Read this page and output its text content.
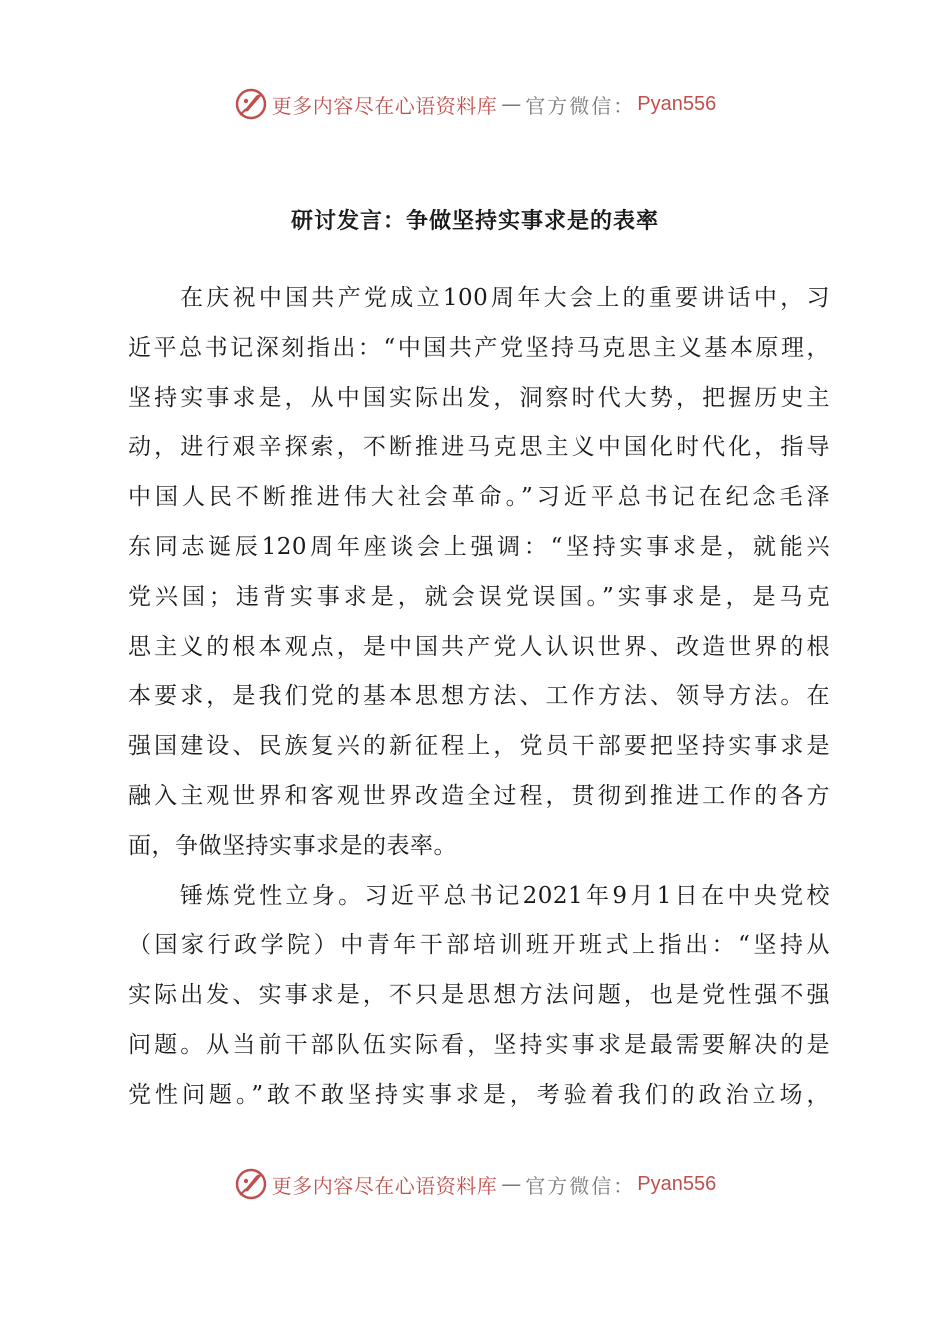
更多内容尽在心语资料库 — 官方微信： Pyan556
研讨发言：争做坚持实事求是的表率
在庆祝中国共产党成立100周年大会上的重要讲话中，习
近平总书记深刻指出：“中国共产党坚持马克思主义基本原理，
坚持实事求是，从中国实际出发，洞察时代大势，把握历史主
动，进行艰辛探索，不断推进马克思主义中国化时代化，指导
中国人民不断推进伟大社会革命。”习近平总书记在纪念毛泽
东同志诞辰120周年座谈会上强调：“坚持实事求是，就能兴
党兴国；违背实事求是，就会误党误国。”实事求是，是马克
思主义的根本观点，是中国共产党人认识世界、改造世界的根
本要求，是我们党的基本思想方法、工作方法、领导方法。在
强国建设、民族复兴的新征程上，党员干部要把坚持实事求是
融入主观世界和客观世界改造全过程，贯彻到推进工作的各方
面，争做坚持实事求是的表率。
锤炼党性立身。习近平总书记2021年9月1日在中央党校
（国家行政学院）中青年干部培训班开班式上指出：“坚持从
实际出发、实事求是，不只是思想方法问题，也是党性强不强
问题。从当前干部队伍实际看，坚持实事求是最需要解决的是
党性问题。”敢不敢坚持实事求是，考验着我们的政治立场，
更多内容尽在心语资料库 — 官方微信： Pyan556
